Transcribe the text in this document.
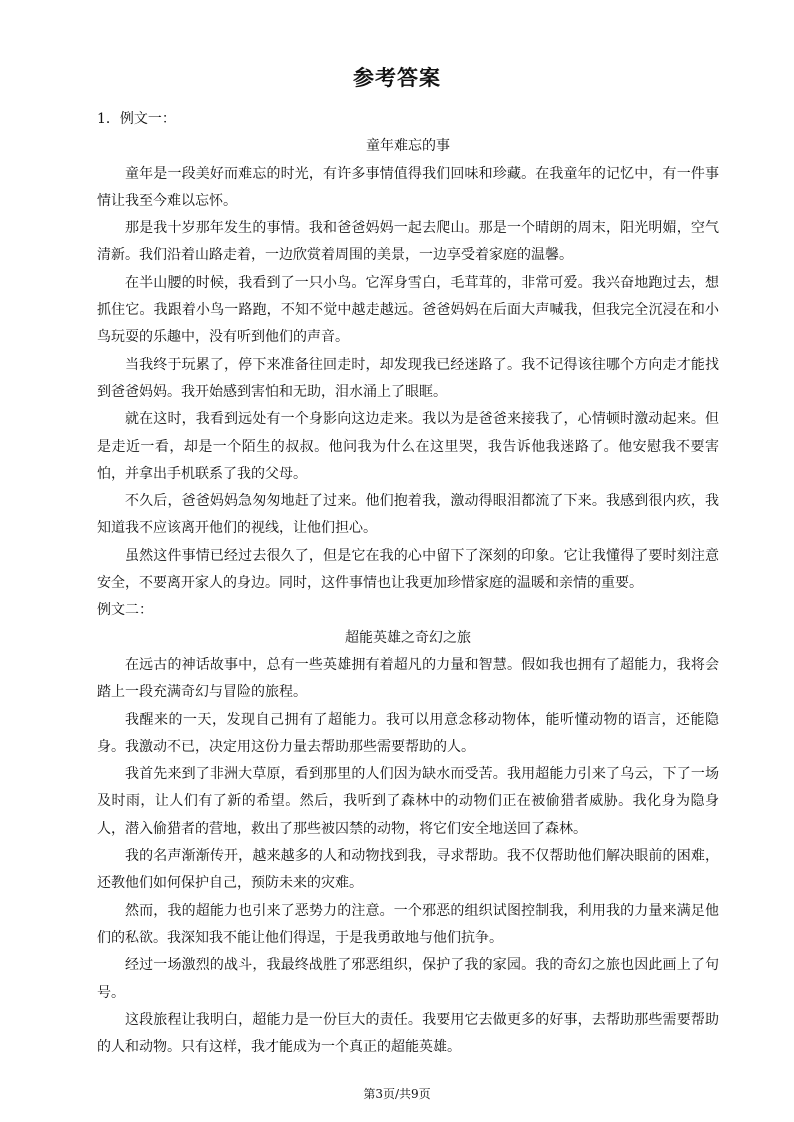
参考答案

1．例文一：

童年难忘的事

童年是一段美好而难忘的时光，有许多事情值得我们回味和珍藏。在我童年的记忆中，有一件事情让我至今难以忘怀。

那是我十岁那年发生的事情。我和爸爸妈妈一起去爬山。那是一个晴朗的周末，阳光明媚，空气清新。我们沿着山路走着，一边欣赏着周围的美景，一边享受着家庭的温馨。

在半山腰的时候，我看到了一只小鸟。它浑身雪白，毛茸茸的，非常可爱。我兴奋地跑过去，想抓住它。我跟着小鸟一路跑，不知不觉中越走越远。爸爸妈妈在后面大声喊我，但我完全沉浸在和小鸟玩耍的乐趣中，没有听到他们的声音。

当我终于玩累了，停下来准备往回走时，却发现我已经迷路了。我不记得该往哪个方向走才能找到爸爸妈妈。我开始感到害怕和无助，泪水涌上了眼眶。

就在这时，我看到远处有一个身影向这边走来。我以为是爸爸来接我了，心情顿时激动起来。但是走近一看，却是一个陌生的叔叔。他问我为什么在这里哭，我告诉他我迷路了。他安慰我不要害怕，并拿出手机联系了我的父母。

不久后，爸爸妈妈急匆匆地赶了过来。他们抱着我，激动得眼泪都流了下来。我感到很内疚，我知道我不应该离开他们的视线，让他们担心。

虽然这件事情已经过去很久了，但是它在我的心中留下了深刻的印象。它让我懂得了要时刻注意安全，不要离开家人的身边。同时，这件事情也让我更加珍惜家庭的温暖和亲情的重要。

例文二：

超能英雄之奇幻之旅

在远古的神话故事中，总有一些英雄拥有着超凡的力量和智慧。假如我也拥有了超能力，我将会踏上一段充满奇幻与冒险的旅程。

我醒来的一天，发现自己拥有了超能力。我可以用意念移动物体，能听懂动物的语言，还能隐身。我激动不已，决定用这份力量去帮助那些需要帮助的人。

我首先来到了非洲大草原，看到那里的人们因为缺水而受苦。我用超能力引来了乌云，下了一场及时雨，让人们有了新的希望。然后，我听到了森林中的动物们正在被偷猎者威胁。我化身为隐身人，潜入偷猎者的营地，救出了那些被囚禁的动物，将它们安全地送回了森林。

我的名声渐渐传开，越来越多的人和动物找到我，寻求帮助。我不仅帮助他们解决眼前的困难，还教他们如何保护自己，预防未来的灾难。

然而，我的超能力也引来了恶势力的注意。一个邪恶的组织试图控制我，利用我的力量来满足他们的私欲。我深知我不能让他们得逞，于是我勇敢地与他们抗争。

经过一场激烈的战斗，我最终战胜了邪恶组织，保护了我的家园。我的奇幻之旅也因此画上了句号。

这段旅程让我明白，超能力是一份巨大的责任。我要用它去做更多的好事，去帮助那些需要帮助的人和动物。只有这样，我才能成为一个真正的超能英雄。

第3页/共9页
